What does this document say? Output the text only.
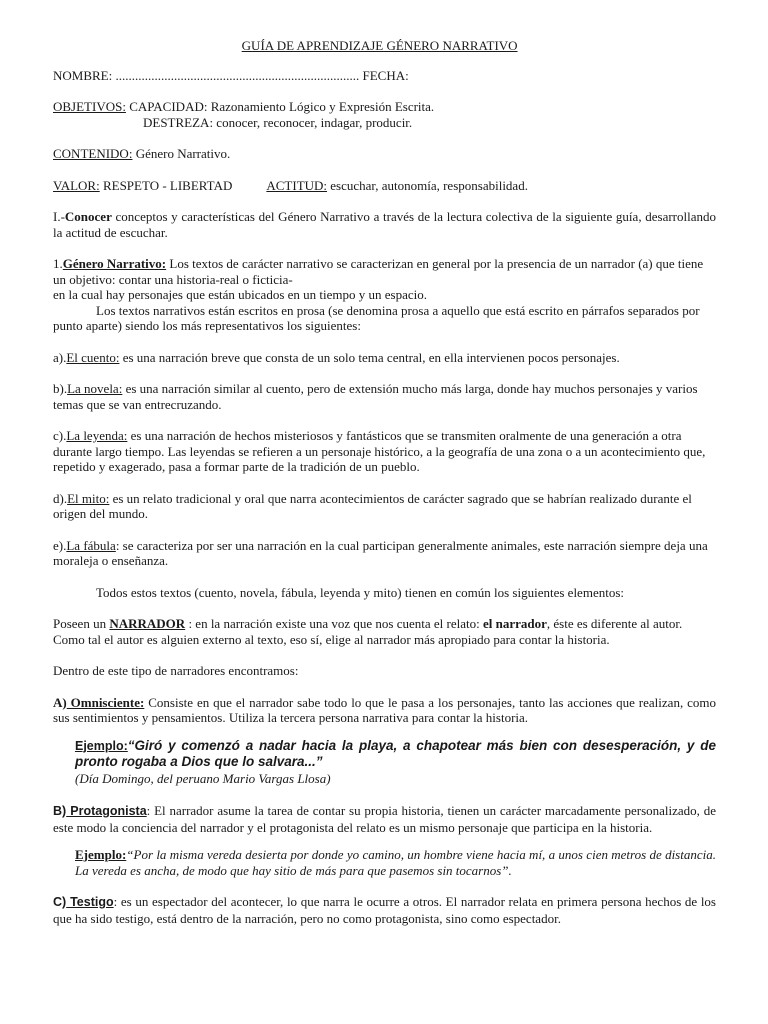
GUÍA DE APRENDIZAJE GÉNERO NARRATIVO

NOMBRE: ........................................................................... FECHA:

OBJETIVOS: CAPACIDAD: Razonamiento Lógico y Expresión Escrita.

DESTREZA: conocer, reconocer, indagar, producir.

CONTENIDO: Género Narrativo.

VALOR: RESPETO - LIBERTAD	ACTITUD: escuchar, autonomía, responsabilidad.

I.-Conocer conceptos y características del Género Narrativo a través de la lectura colectiva de la siguiente guía, desarrollando la actitud de escuchar.

1.Género Narrativo: Los textos de carácter narrativo se caracterizan en general por la presencia de un narrador (a) que tiene un objetivo: contar una historia-real o ficticia-
en la cual hay personajes que están ubicados en un tiempo y un espacio.

Los textos narrativos están escritos en prosa (se denomina prosa a aquello que está escrito en párrafos separados por punto aparte) siendo los más representativos los siguientes:

a).El cuento: es una narración breve que consta de un solo tema central, en ella intervienen pocos personajes.

b).La novela: es una narración similar al cuento, pero de extensión mucho más larga, donde hay muchos personajes y varios temas que se van entrecruzando.

c).La leyenda: es una narración de hechos misteriosos y fantásticos que se transmiten oralmente de una generación a otra durante largo tiempo. Las leyendas se refieren a un personaje histórico, a la geografía de una zona o a un acontecimiento que, repetido y exagerado, pasa a formar parte de la tradición de un pueblo.

d).El mito: es un relato tradicional y oral que narra acontecimientos de carácter sagrado que se habrían realizado durante el origen del mundo.

e).La fábula: se caracteriza por ser una narración en la cual participan generalmente animales, este narración siempre deja una moraleja o enseñanza.

Todos estos textos (cuento, novela, fábula, leyenda y mito) tienen en común los siguientes elementos:

Poseen un NARRADOR : en la narración existe una voz que nos cuenta el relato: el narrador, éste es diferente al autor. Como tal el autor es alguien externo al texto, eso sí, elige al narrador más apropiado para contar la historia.

Dentro de este tipo de narradores encontramos:

A) Omnisciente: Consiste en que el narrador sabe todo lo que le pasa a los personajes, tanto las acciones que realizan, como sus sentimientos y pensamientos. Utiliza la tercera persona narrativa para contar la historia.

Ejemplo:“Giró y comenzó a nadar hacia la playa, a chapotear más bien con desesperación, y de pronto rogaba a Dios que lo salvara...”
(Día Domingo, del peruano Mario Vargas Llosa)

B) Protagonista: El narrador asume la tarea de contar su propia historia, tienen un carácter marcadamente personalizado, de este modo la conciencia del narrador y el protagonista del relato es un mismo personaje que participa en la historia.

Ejemplo:“Por la misma vereda desierta por donde yo camino, un hombre viene hacia mí, a unos cien metros de distancia. La vereda es ancha, de modo que hay sitio de más para que pasemos sin tocarnos”.

C) Testigo: es un espectador del acontecer, lo que narra le ocurre a otros. El narrador relata en primera persona hechos de los que ha sido testigo, está dentro de la narración, pero no como protagonista, sino como espectador.
